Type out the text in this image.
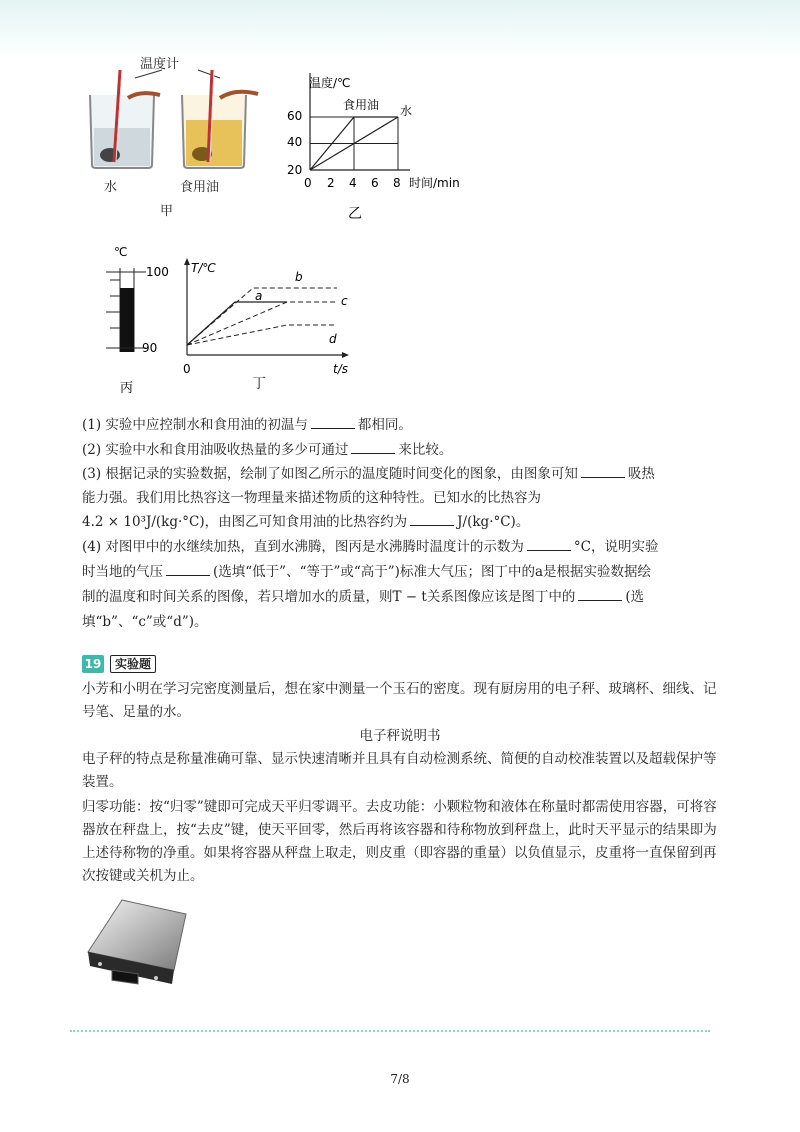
温度计
水	食用油
甲
温度/℃
时间/min
食用油 水
60
40
20
0 2 4 6 8
乙
℃
100
90
丙
T/℃
t/s
0
a
b
c
d
丁
(1) 实验中应控制水和食用油的初温与	都相同。
(2) 实验中水和食用油吸收热量的多少可通过	来比较。
(3) 根据记录的实验数据，绘制了如图乙所示的温度随时间变化的图象，由图象可知	吸热
能力强。我们用比热容这一物理量来描述物质的这种特性。已知水的比热容为
4.2 × 10³J/(kg·°C)，由图乙可知食用油的比热容约为	J/(kg·°C)。
(4) 对图甲中的水继续加热，直到水沸腾，图丙是水沸腾时温度计的示数为	°C，说明实验
时当地的气压	(选填“低于”、“等于”或“高于”)标准大气压；图丁中的a是根据实验数据绘
制的温度和时间关系的图像，若只增加水的质量，则T − t关系图像应该是图丁中的	(选
填“b”、“c”或“d”)。
19	实验题
小芳和小明在学习完密度测量后，想在家中测量一个玉石的密度。现有厨房用的电子秤、玻璃杯、细线、记号笔、足量的水。
电子秤说明书
电子秤的特点是称量准确可靠、显示快速清晰并且具有自动检测系统、简便的自动校准装置以及超载保护等装置。
归零功能：按“归零”键即可完成天平归零调平。去皮功能：小颗粒物和液体在称量时都需使用容器，可将容器放在秤盘上，按“去皮”键，使天平回零，然后再将该容器和待称物放到秤盘上，此时天平显示的结果即为上述待称物的净重。如果将容器从秤盘上取走，则皮重（即容器的重量）以负值显示，皮重将一直保留到再次按键或关机为止。
7/8
